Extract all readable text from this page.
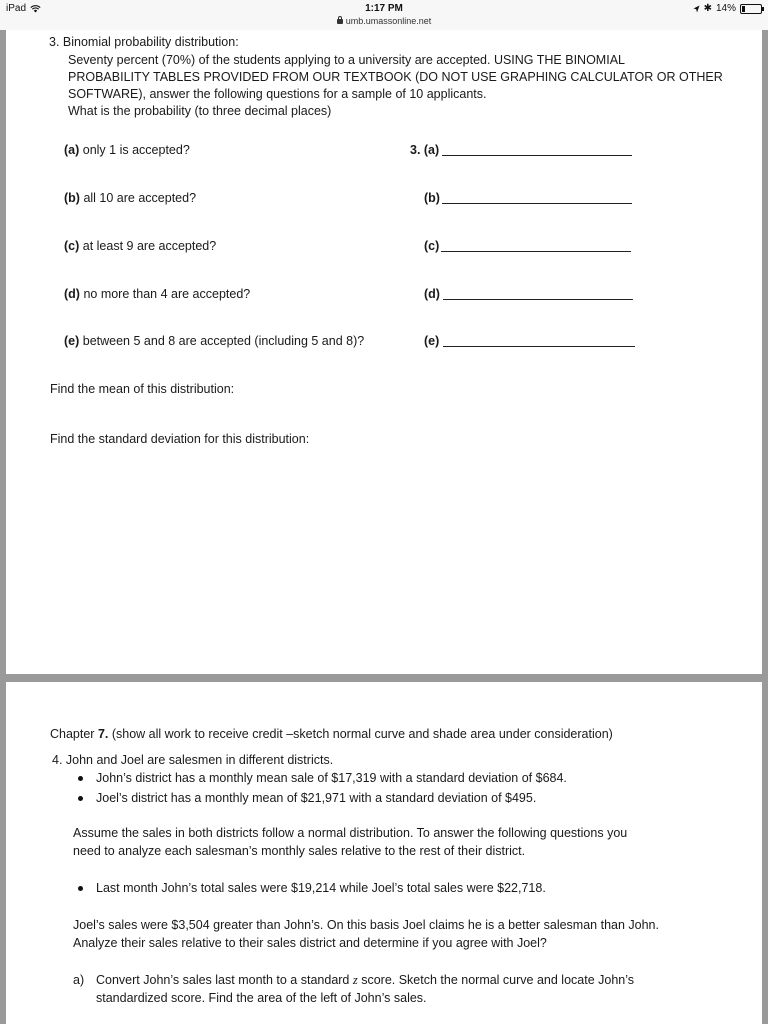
iPad	1:17 PM
umb.umassonline.net
✱ 14%
3. Binomial probability distribution:
Seventy percent (70%) of the students applying to a university are accepted. USING THE BINOMIAL
PROBABILITY TABLES PROVIDED FROM OUR TEXTBOOK (DO NOT USE GRAPHING CALCULATOR OR OTHER
SOFTWARE), answer the following questions for a sample of 10 applicants.
What is the probability (to three decimal places)
(a) only 1 is accepted?	3. (a)
(b) all 10 are accepted?	(b)
(c) at least 9 are accepted?	(c)
(d) no more than 4 are accepted?	(d)
(e) between 5 and 8 are accepted (including 5 and 8)?	(e)
Find the mean of this distribution:
Find the standard deviation for this distribution:
Chapter 7. (show all work to receive credit –sketch normal curve and shade area under consideration)
4. John and Joel are salesmen in different districts.
John’s district has a monthly mean sale of $17,319 with a standard deviation of $684.
Joel’s district has a monthly mean of $21,971 with a standard deviation of $495.
Assume the sales in both districts follow a normal distribution. To answer the following questions you
need to analyze each salesman’s monthly sales relative to the rest of their district.
Last month John’s total sales were $19,214 while Joel’s total sales were $22,718.
Joel’s sales were $3,504 greater than John’s. On this basis Joel claims he is a better salesman than John.
Analyze their sales relative to their sales district and determine if you agree with Joel?
a) Convert John’s sales last month to a standard z score. Sketch the normal curve and locate John’s
standardized score. Find the area of the left of John’s sales.
